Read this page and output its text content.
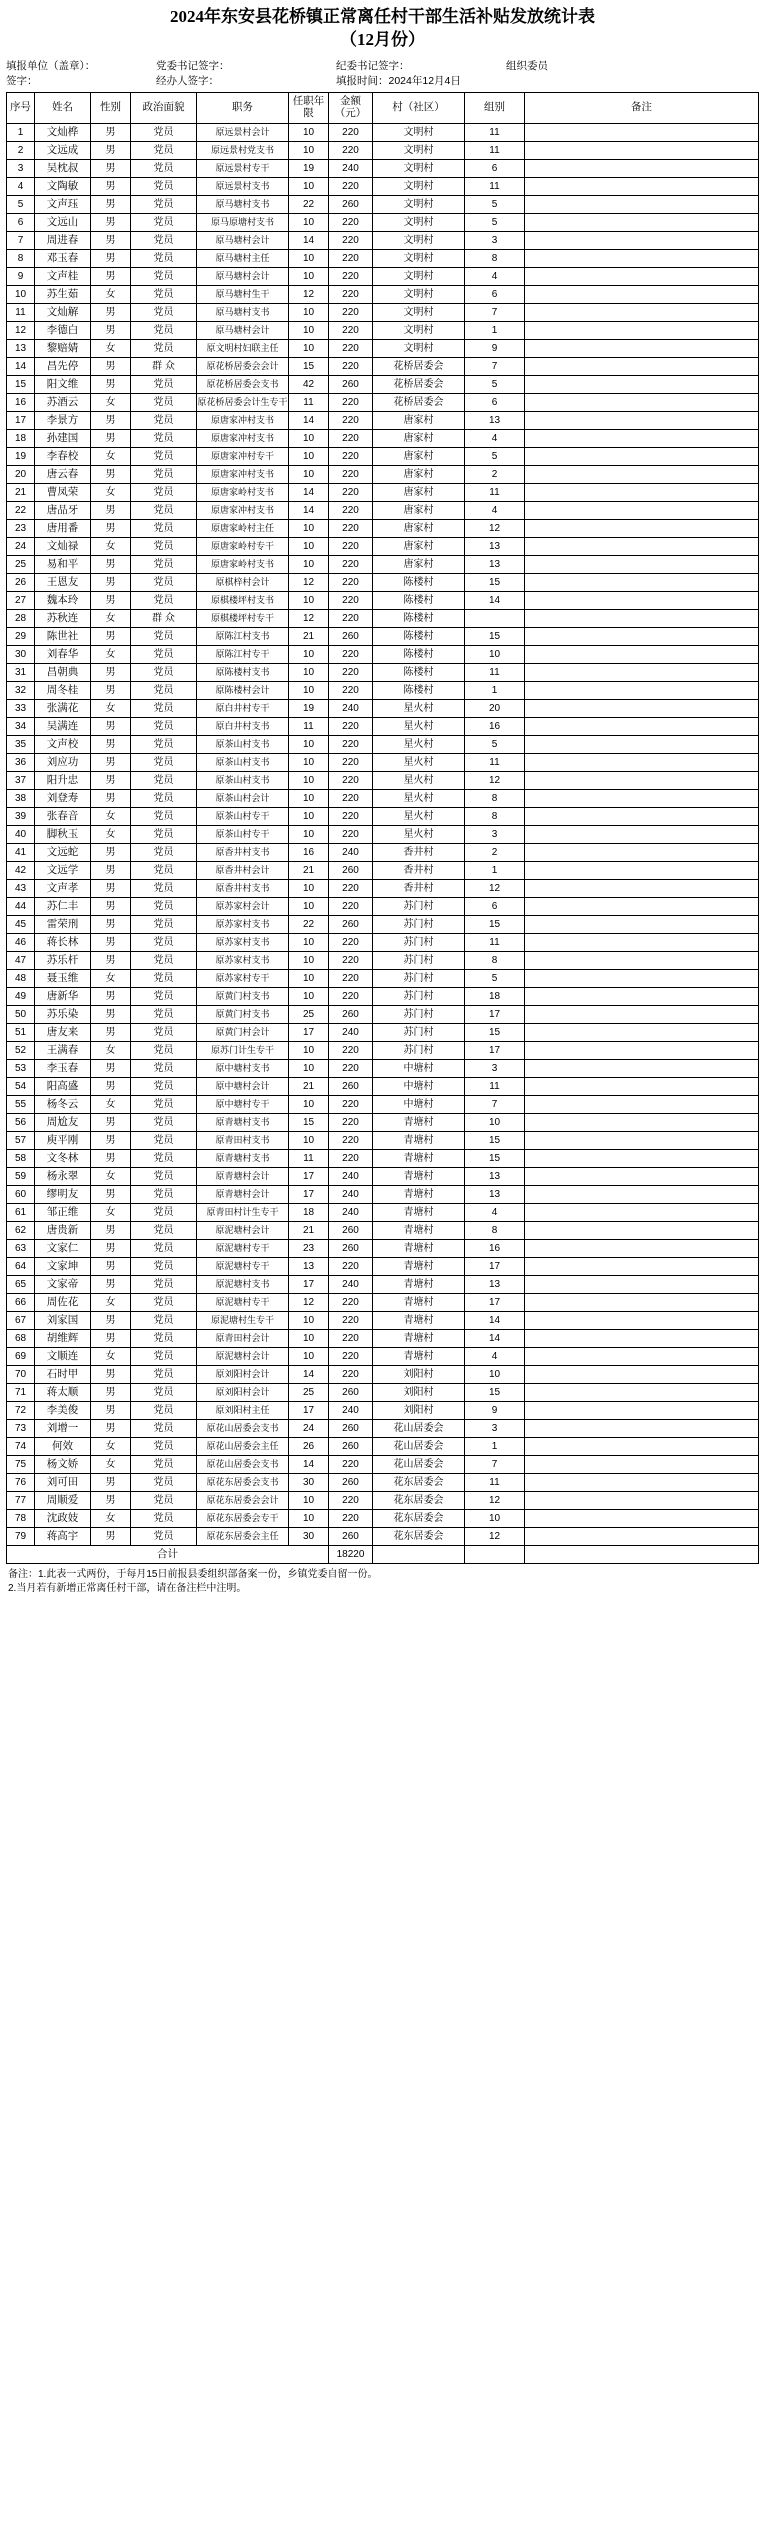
2024年东安县花桥镇正常离任村干部生活补贴发放统计表
（12月份）
填报单位（盖章）：	党委书记签字：	纪委书记签字：	组织委员
签字：	经办人签字：	填报时间：2024年12月4日
序号	姓名	性别	政治面貌	职务	任职年限	金额（元）	村（社区）	组别	备注
1	文灿桦	男	党员	原远景村会计	10	220	文明村	11	
2	文远成	男	党员	原远景村党支书	10	220	文明村	11	
3	吴枕叔	男	党员	原远景村专干	19	240	文明村	6	
4	文陶敏	男	党员	原远景村支书	10	220	文明村	11	
5	文声珏	男	党员	原马塘村支书	22	260	文明村	5	
6	文远山	男	党员	原马原塘村支书	10	220	文明村	5	
7	周进春	男	党员	原马塘村会计	14	220	文明村	3	
8	邓玉春	男	党员	原马塘村主任	10	220	文明村	8	
9	文声桂	男	党员	原马塘村会计	10	220	文明村	4	
10	苏生茹	女	党员	原马塘村生干	12	220	文明村	6	
11	文灿解	男	党员	原马塘村支书	10	220	文明村	7	
12	李德白	男	党员	原马塘村会计	10	220	文明村	1	
13	黎赔婧	女	党员	原文明村妇联主任	10	220	文明村	9	
14	昌先停	男	群 众	原花桥居委会会计	15	220	花桥居委会	7	
15	阳文维	男	党员	原花桥居委会支书	42	260	花桥居委会	5	
16	苏酒云	女	党员	原花桥居委会计生专干	11	220	花桥居委会	6	
17	李景方	男	党员	原唐家冲村支书	14	220	唐家村	13	
18	孙建国	男	党员	原唐家冲村支书	10	220	唐家村	4	
19	李春校	女	党员	原唐家冲村专干	10	220	唐家村	5	
20	唐云春	男	党员	原唐家冲村支书	10	220	唐家村	2	
21	曹凤荣	女	党员	原唐家岭村支书	14	220	唐家村	11	
22	唐品牙	男	党员	原唐家冲村支书	14	220	唐家村	4	
23	唐用番	男	党员	原唐家岭村主任	10	220	唐家村	12	
24	文灿禄	女	党员	原唐家岭村专干	10	220	唐家村	13	
25	易和平	男	党员	原唐家岭村支书	10	220	唐家村	13	
26	王恩友	男	党员	原棋梓村会计	12	220	陈楼村	15	
27	魏本玲	男	党员	原棋楼坪村支书	10	220	陈楼村	14	
28	苏秋连	女	群 众	原棋楼坪村专干	12	220	陈楼村		
29	陈世社	男	党员	原陈江村支书	21	260	陈楼村	15	
30	刘春华	女	党员	原陈江村专干	10	220	陈楼村	10	
31	昌朝典	男	党员	原陈楼村支书	10	220	陈楼村	11	
32	周冬桂	男	党员	原陈楼村会计	10	220	陈楼村	1	
33	张满花	女	党员	原白井村专干	19	240	星火村	20	
34	吴满连	男	党员	原白井村支书	11	220	星火村	16	
35	文声校	男	党员	原茶山村支书	10	220	星火村	5	
36	刘应功	男	党员	原茶山村支书	10	220	星火村	11	
37	阳升忠	男	党员	原茶山村支书	10	220	星火村	12	
38	刘登寿	男	党员	原茶山村会计	10	220	星火村	8	
39	张春音	女	党员	原茶山村专干	10	220	星火村	8	
40	脚秋玉	女	党员	原茶山村专干	10	220	星火村	3	
41	文远蛇	男	党员	原香井村支书	16	240	香井村	2	
42	文远学	男	党员	原香井村会计	21	260	香井村	1	
43	文声孝	男	党员	原香井村支书	10	220	香井村	12	
44	苏仁丰	男	党员	原苏家村会计	10	220	苏门村	6	
45	雷荣刑	男	党员	原苏家村支书	22	260	苏门村	15	
46	蒋长林	男	党员	原苏家村支书	10	220	苏门村	11	
47	苏乐杆	男	党员	原苏家村支书	10	220	苏门村	8	
48	聂玉维	女	党员	原苏家村专干	10	220	苏门村	5	
49	唐新华	男	党员	原黄门村支书	10	220	苏门村	18	
50	苏乐染	男	党员	原黄门村支书	25	260	苏门村	17	
51	唐友来	男	党员	原黄门村会计	17	240	苏门村	15	
52	王满春	女	党员	原苏门计生专干	10	220	苏门村	17	
53	李玉春	男	党员	原中塘村支书	10	220	中塘村	3	
54	阳高盛	男	党员	原中塘村会计	21	260	中塘村	11	
55	杨冬云	女	党员	原中塘村专干	10	220	中塘村	7	
56	周尬友	男	党员	原青塘村支书	15	220	青塘村	10	
57	庾平刚	男	党员	原青田村支书	10	220	青塘村	15	
58	文冬林	男	党员	原青塘村支书	11	220	青塘村	15	
59	杨永翠	女	党员	原青塘村会计	17	240	青塘村	13	
60	缪明友	男	党员	原青塘村会计	17	240	青塘村	13	
61	邹正维	女	党员	原青田村计生专干	18	240	青塘村	4	
62	唐贵新	男	党员	原泥塘村会计	21	260	青塘村	8	
63	文家仁	男	党员	原泥塘村专干	23	260	青塘村	16	
64	文家坤	男	党员	原泥塘村专干	13	220	青塘村	17	
65	文家帝	男	党员	原泥塘村支书	17	240	青塘村	13	
66	周佐花	女	党员	原泥塘村专干	12	220	青塘村	17	
67	刘家国	男	党员	原泥塘村生专干	10	220	青塘村	14	
68	胡维辉	男	党员	原青田村会计	10	220	青塘村	14	
69	文顺连	女	党员	原泥塘村会计	10	220	青塘村	4	
70	石时甲	男	党员	原刘阳村会计	14	220	刘阳村	10	
71	蒋太顺	男	党员	原刘阳村会计	25	260	刘阳村	15	
72	李美俊	男	党员	原刘阳村主任	17	240	刘阳村	9	
73	刘增一	男	党员	原花山居委会支书	24	260	花山居委会	3	
74	何效	女	党员	原花山居委会主任	26	260	花山居委会	1	
75	杨文娇	女	党员	原花山居委会支书	14	220	花山居委会	7	
76	刘可田	男	党员	原花东居委会支书	30	260	花东居委会	11	
77	周顺爱	男	党员	原花东居委会会计	10	220	花东居委会	12	
78	沈政妓	女	党员	原花东居委会专干	10	220	花东居委会	10	
79	蒋高宇	男	党员	原花东居委会主任	30	260	花东居委会	12	
合计						18220			
备注：1.此表一式两份，于每月15日前报县委组织部备案一份，乡镇党委自留一份。
2.当月若有新增正常离任村干部，请在备注栏中注明。
